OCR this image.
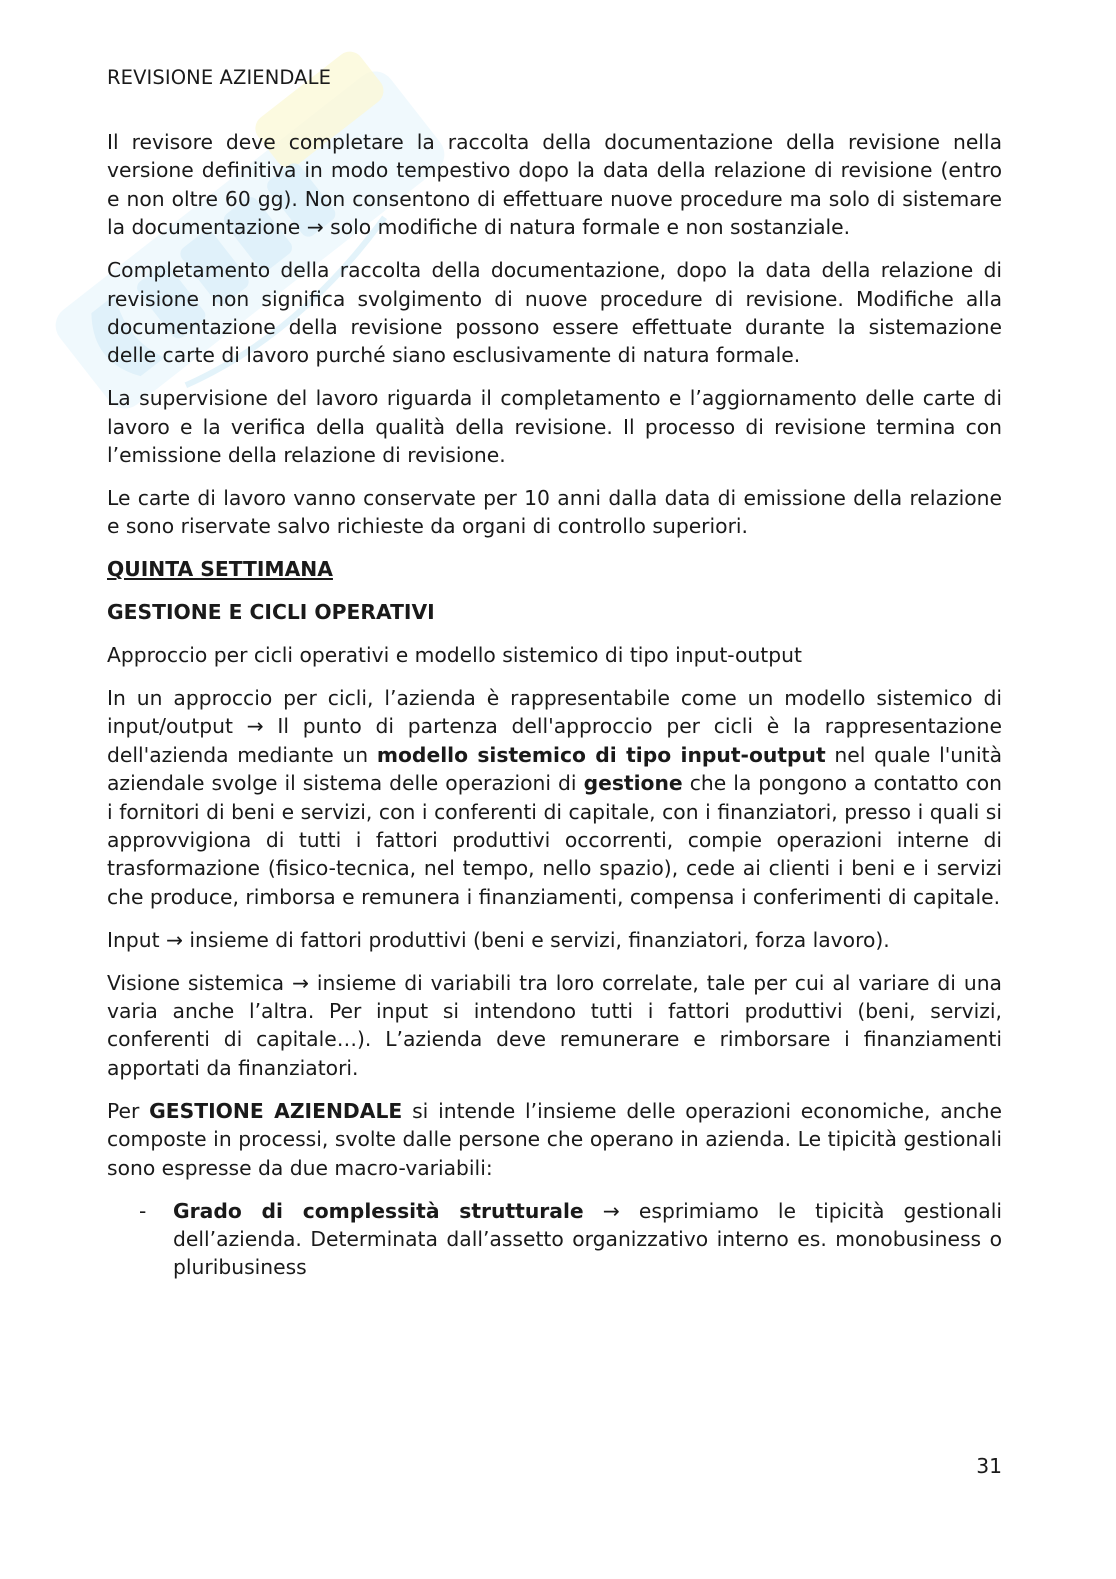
REVISIONE AZIENDALE

Il revisore deve completare la raccolta della documentazione della revisione nella versione definitiva in modo tempestivo dopo la data della relazione di revisione (entro e non oltre 60 gg). Non consentono di effettuare nuove procedure ma solo di sistemare la documentazione → solo modifiche di natura formale e non sostanziale.

Completamento della raccolta della documentazione, dopo la data della relazione di revisione non significa svolgimento di nuove procedure di revisione. Modifiche alla documentazione della revisione possono essere effettuate durante la sistemazione delle carte di lavoro purché siano esclusivamente di natura formale.

La supervisione del lavoro riguarda il completamento e l’aggiornamento delle carte di lavoro e la verifica della qualità della revisione. Il processo di revisione termina con l’emissione della relazione di revisione.

Le carte di lavoro vanno conservate per 10 anni dalla data di emissione della relazione e sono riservate salvo richieste da organi di controllo superiori.

QUINTA SETTIMANA
GESTIONE E CICLI OPERATIVI

Approccio per cicli operativi e modello sistemico di tipo input-output

In un approccio per cicli, l’azienda è rappresentabile come un modello sistemico di input/output → Il punto di partenza dell'approccio per cicli è la rappresentazione dell'azienda mediante un modello sistemico di tipo input-output nel quale l'unità aziendale svolge il sistema delle operazioni di gestione che la pongono a contatto con i fornitori di beni e servizi, con i conferenti di capitale, con i finanziatori, presso i quali si approvvigiona di tutti i fattori produttivi occorrenti, compie operazioni interne di trasformazione (fisico-tecnica, nel tempo, nello spazio), cede ai clienti i beni e i servizi che produce, rimborsa e remunera i finanziamenti, compensa i conferimenti di capitale.

Input → insieme di fattori produttivi (beni e servizi, finanziatori, forza lavoro).

Visione sistemica → insieme di variabili tra loro correlate, tale per cui al variare di una varia anche l’altra. Per input si intendono tutti i fattori produttivi (beni, servizi, conferenti di capitale…). L’azienda deve remunerare e rimborsare i finanziamenti apportati da finanziatori.

Per GESTIONE AZIENDALE si intende l’insieme delle operazioni economiche, anche composte in processi, svolte dalle persone che operano in azienda. Le tipicità gestionali sono espresse da due macro-variabili:

- Grado di complessità strutturale → esprimiamo le tipicità gestionali dell’azienda. Determinata dall’assetto organizzativo interno es. monobusiness o pluribusiness

31
